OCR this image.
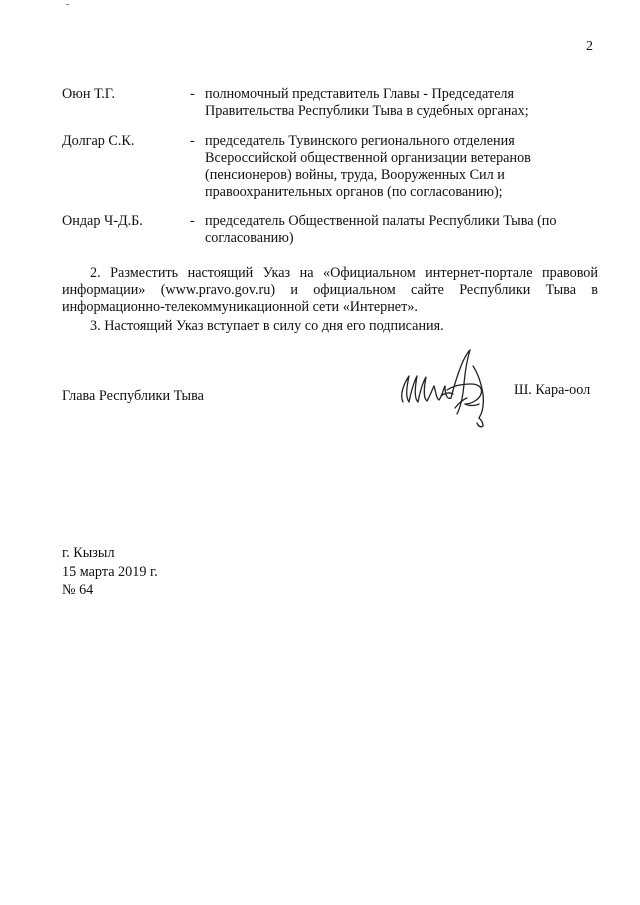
2
Оюн Т.Г.	- полномочный представитель Главы - Председателя
Правительства Республики Тыва в судебных органах;
Долгар С.К.	- председатель Тувинского регионального отделения
Всероссийской общественной организации ветеранов
(пенсионеров) войны, труда, Вооруженных Сил и
правоохранительных органов (по согласованию);
Ондар Ч-Д.Б.	- председатель Общественной палаты Республики Тыва (по
согласованию)
2. Разместить настоящий Указ на «Официальном интернет-портале правовой информации» (www.pravo.gov.ru) и официальном сайте Республики Тыва в информационно-телекоммуникационной сети «Интернет».
3. Настоящий Указ вступает в силу со дня его подписания.
Глава Республики Тыва	Ш. Кара-оол
г. Кызыл
15 марта 2019 г.
№ 64
